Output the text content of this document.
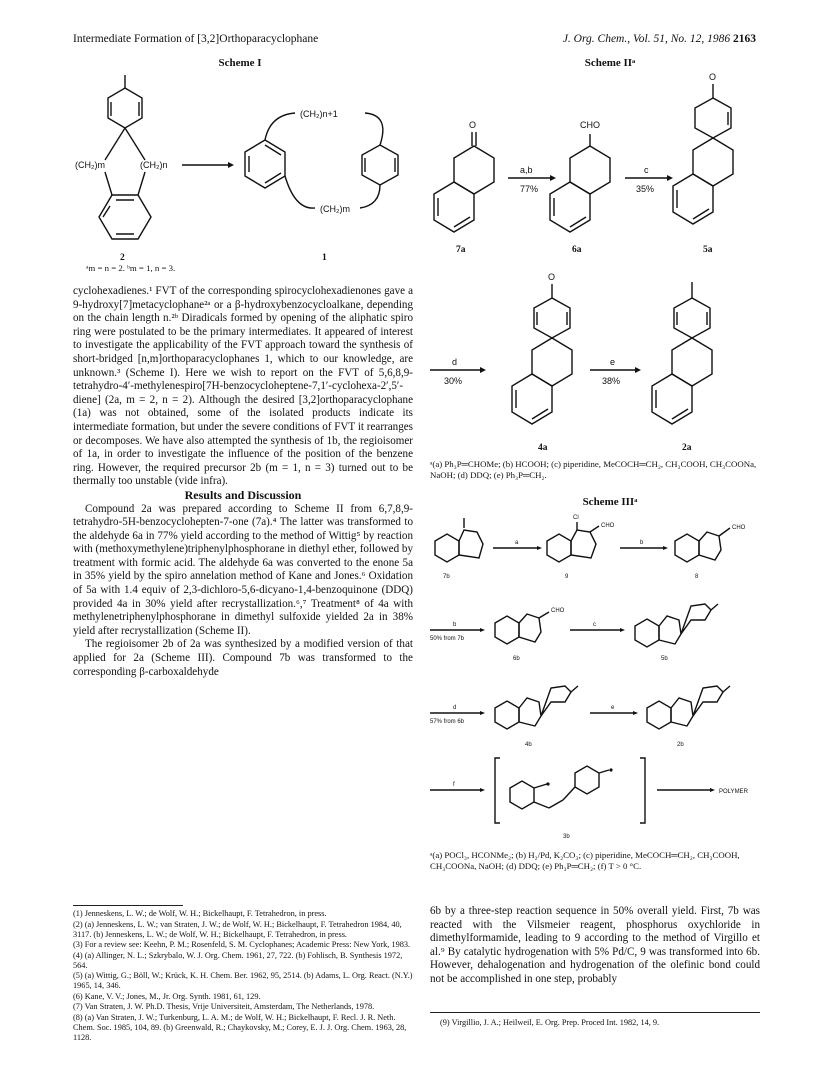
Intermediate Formation of [3,2]Orthoparacyclophane	J. Org. Chem., Vol. 51, No. 12, 1986 2163
Scheme I
(CH₂)m	(CH₂)n
2
(CH₂)n+1
(CH₂)m
1
ᵃm = n = 2. ᵇm = 1, n = 3.

cyclohexadienes.¹ FVT of the corresponding spirocyclohexadienones gave a 9-hydroxy[7]metacyclophane²ᵃ or a β-hydroxybenzocycloalkane, depending on the chain length n.²ᵇ Diradicals formed by opening of the aliphatic spiro ring were postulated to be the primary intermediates. It appeared of interest to investigate the applicability of the FVT approach toward the synthesis of short-bridged [n,m]orthoparacyclophanes 1, which to our knowledge, are unknown.³ (Scheme I). Here we wish to report on the FVT of 5,6,8,9-tetrahydro-4′-methylenespiro[7H-benzocycloheptene-7,1′-cyclohexa-2′,5′-diene] (2a, m = 2, n = 2). Although the desired [3,2]orthoparacyclophane (1a) was not obtained, some of the isolated products indicate its intermediate formation, but under the severe conditions of FVT it rearranges or decomposes. We have also attempted the synthesis of 1b, the regioisomer of 1a, in order to investigate the influence of the position of the benzene ring. However, the required precursor 2b (m = 1, n = 3) turned out to be thermally too unstable (vide infra).

Results and Discussion

Compound 2a was prepared according to Scheme II from 6,7,8,9-tetrahydro-5H-benzocyclohepten-7-one (7a).⁴ The latter was transformed to the aldehyde 6a in 77% yield according to the method of Wittig⁵ by reaction with (methoxymethylene)triphenylphosphorane in diethyl ether, followed by treatment with formic acid. The aldehyde 6a was converted to the enone 5a in 35% yield by the spiro annelation method of Kane and Jones.⁶ Oxidation of 5a with 1.4 equiv of 2,3-dichloro-5,6-dicyano-1,4-benzoquinone (DDQ) provided 4a in 30% yield after recrystallization.⁶,⁷ Treatment⁸ of 4a with methylenetriphenylphosphorane in dimethyl sulfoxide yielded 2a in 38% yield after recrystallization (Scheme II).

The regioisomer 2b of 2a was synthesized by a modified version of that applied for 2a (Scheme III). Compound 7b was transformed to the corresponding β-carboxaldehyde

(1) Jenneskens, L. W.; de Wolf, W. H.; Bickelhaupt, F. Tetrahedron, in press.
(2) (a) Jenneskens, L. W.; van Straten, J. W.; de Wolf, W. H.; Bickelhaupt, F. Tetrahedron 1984, 40, 3117. (b) Jenneskens, L. W.; de Wolf, W. H.; Bickelhaupt, F. Tetrahedron, in press.
(3) For a review see: Keehn, P. M.; Rosenfeld, S. M. Cyclophanes; Academic Press: New York, 1983.
(4) (a) Allinger, N. L.; Szkrybalo, W. J. Org. Chem. 1961, 27, 722. (b) Fohlisch, B. Synthesis 1972, 564.
(5) (a) Wittig, G.; Böll, W.; Krück, K. H. Chem. Ber. 1962, 95, 2514. (b) Adams, L. Org. React. (N.Y.) 1965, 14, 346.
(6) Kane, V. V.; Jones, M., Jr. Org. Synth. 1981, 61, 129.
(7) Van Straten, J. W. Ph.D. Thesis, Vrije Universiteit, Amsterdam, The Netherlands, 1978.
(8) (a) Van Straten, J. W.; Turkenburg, L. A. M.; de Wolf, W. H.; Bickelhaupt, F. Recl. J. R. Neth. Chem. Soc. 1985, 104, 89. (b) Greenwald, R.; Chaykovsky, M.; Corey, E. J. J. Org. Chem. 1963, 28, 1128.
Scheme IIᵃ
O
7a
a,b
77%
CHO
6a
c
35%
O
5a
O
d
30%
4a
e
38%
2a
ᵃ(a) Ph₃P═CHOMe; (b) HCOOH; (c) piperidine, MeCOCH═CH₂, CH₃COOH, CH₃COONa, NaOH; (d) DDQ; (e) Ph₃P═CH₂.
Scheme IIIᵃ
7b
a
Cl
CHO
9
b
CHO
8
b
50% from 7b
CHO
6b
c
5b
d
57% from 6b
4b
e
2b
f
POLYMER
3b
ᵃ(a) POCl₃, HCONMe₂; (b) H₂/Pd, K₂CO₃; (c) piperidine, MeCOCH═CH₂, CH₃COOH, CH₃COONa, NaOH; (d) DDQ; (e) Ph₃P═CH₂; (f) T > 0 °C.

6b by a three-step reaction sequence in 50% overall yield. First, 7b was reacted with the Vilsmeier reagent, phosphorus oxychloride in dimethylformamide, leading to 9 according to the method of Virgillo et al.⁹ By catalytic hydrogenation with 5% Pd/C, 9 was transformed into 6b. However, dehalogenation and hydrogenation of the olefinic bond could not be accomplished in one step, probably

(9) Virgillio, J. A.; Heilweil, E. Org. Prep. Proced Int. 1982, 14, 9.
